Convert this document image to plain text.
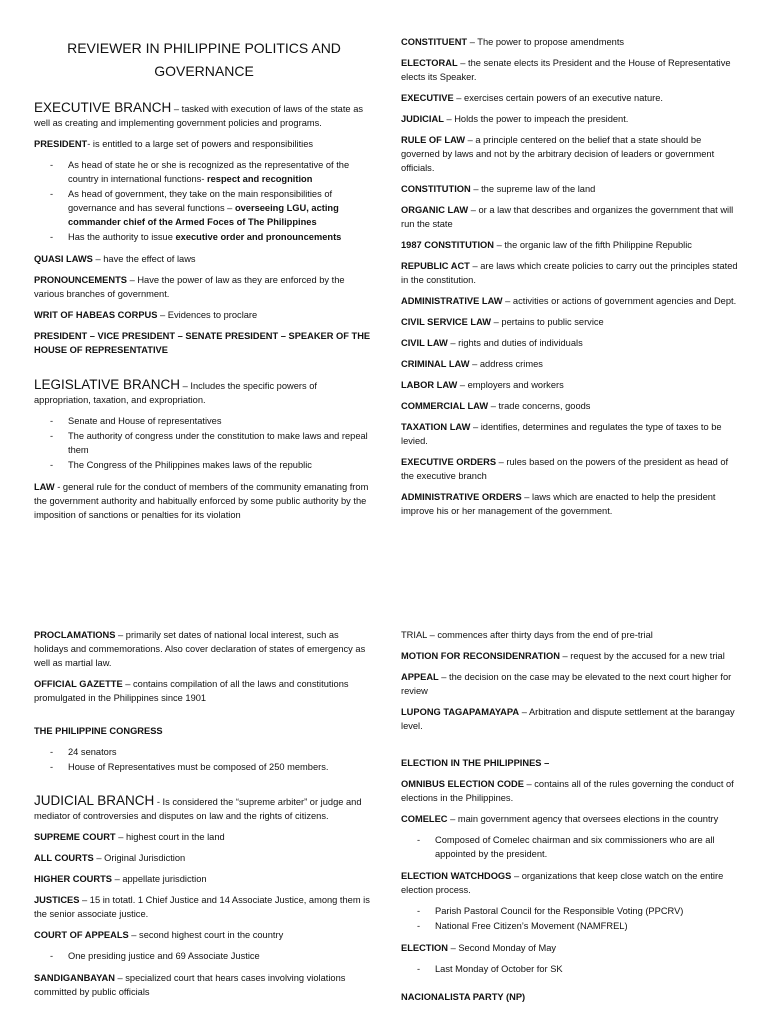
REVIEWER IN PHILIPPINE POLITICS AND GOVERNANCE

EXECUTIVE BRANCH – tasked with execution of laws of the state as well as creating and implementing government policies and programs.

PRESIDENT- is entitled to a large set of powers and responsibilities

- As head of state he or she is recognized as the representative of the country in international functions- respect and recognition
- As head of government, they take on the main responsibilities of governance and has several functions – overseeing LGU, acting commander chief of the Armed Foces of The Philippines
- Has the authority to issue executive order and pronouncements

QUASI LAWS – have the effect of laws

PRONOUNCEMENTS – Have the power of law as they are enforced by the various branches of government.

WRIT OF HABEAS CORPUS – Evidences to proclare

PRESIDENT – VICE PRESIDENT – SENATE PRESIDENT – SPEAKER OF THE HOUSE OF REPRESENTATIVE

LEGISLATIVE BRANCH – Includes the specific powers of appropriation, taxation, and expropriation.

- Senate and House of representatives
- The authority of congress under the constitution to make laws and repeal them
- The Congress of the Philippines makes laws of the republic

LAW - general rule for the conduct of members of the community emanating from the government authority and habitually enforced by some public authority by the imposition of sanctions or penalties for its violation

CONSTITUENT – The power to propose amendments

ELECTORAL – the senate elects its President and the House of Representative elects its Speaker.

EXECUTIVE – exercises certain powers of an executive nature.

JUDICIAL – Holds the power to impeach the president.

RULE OF LAW – a principle centered on the belief that a state should be governed by laws and not by the arbitrary decision of leaders or government officials.

CONSTITUTION – the supreme law of the land

ORGANIC LAW – or a law that describes and organizes the government that will run the state

1987 CONSTITUTION – the organic law of the fifth Philippine Republic

REPUBLIC ACT – are laws which create policies to carry out the principles stated in the constitution.

ADMINISTRATIVE LAW – activities or actions of government agencies and Dept.

CIVIL SERVICE LAW – pertains to public service

CIVIL LAW – rights and duties of individuals

CRIMINAL LAW – address crimes

LABOR LAW – employers and workers

COMMERCIAL LAW – trade concerns, goods

TAXATION LAW – identifies, determines and regulates the type of taxes to be levied.

EXECUTIVE ORDERS – rules based on the powers of the president as head of the executive branch

ADMINISTRATIVE ORDERS – laws which are enacted to help the president improve his or her management of the government.

PROCLAMATIONS – primarily set dates of national local interest, such as holidays and commemorations. Also cover declaration of states of emergency as well as martial law.

OFFICIAL GAZETTE – contains compilation of all the laws and constitutions promulgated in the Philippines since 1901

THE PHILIPPINE CONGRESS

- 24 senators
- House of Representatives must be composed of 250 members.

JUDICIAL BRANCH - Is considered the “supreme arbiter” or judge and mediator of controversies and disputes on law and the rights of citizens.

SUPREME COURT – highest court in the land

ALL COURTS – Original Jurisdiction

HIGHER COURTS – appellate jurisdiction

JUSTICES – 15 in totatl. 1 Chief Justice and 14 Associate Justice, among them is the senior associate justice.

COURT OF APPEALS – second highest court in the country

- One presiding justice and 69 Associate Justice

SANDIGANBAYAN – specialized court that hears cases involving violations committed by public officials

TRIAL – commences after thirty days from the end of pre-trial

MOTION FOR RECONSIDENRATION – request by the accused for a new trial

APPEAL – the decision on the case may be elevated to the next court higher for review

LUPONG TAGAPAMAYAPA – Arbitration and dispute settlement at the barangay level.

ELECTION IN THE PHILIPPINES –

OMNIBUS ELECTION CODE – contains all of the rules governing the conduct of elections in the Philippines.

COMELEC – main government agency that oversees elections in the country

- Composed of Comelec chairman and six commissioners who are all appointed by the president.

ELECTION WATCHDOGS – organizations that keep close watch on the entire election process.

- Parish Pastoral Council for the Responsible Voting (PPCRV)
- National Free Citizen’s Movement (NAMFREL)

ELECTION – Second Monday of May

- Last Monday of October for SK

NACIONALISTA PARTY (NP)
